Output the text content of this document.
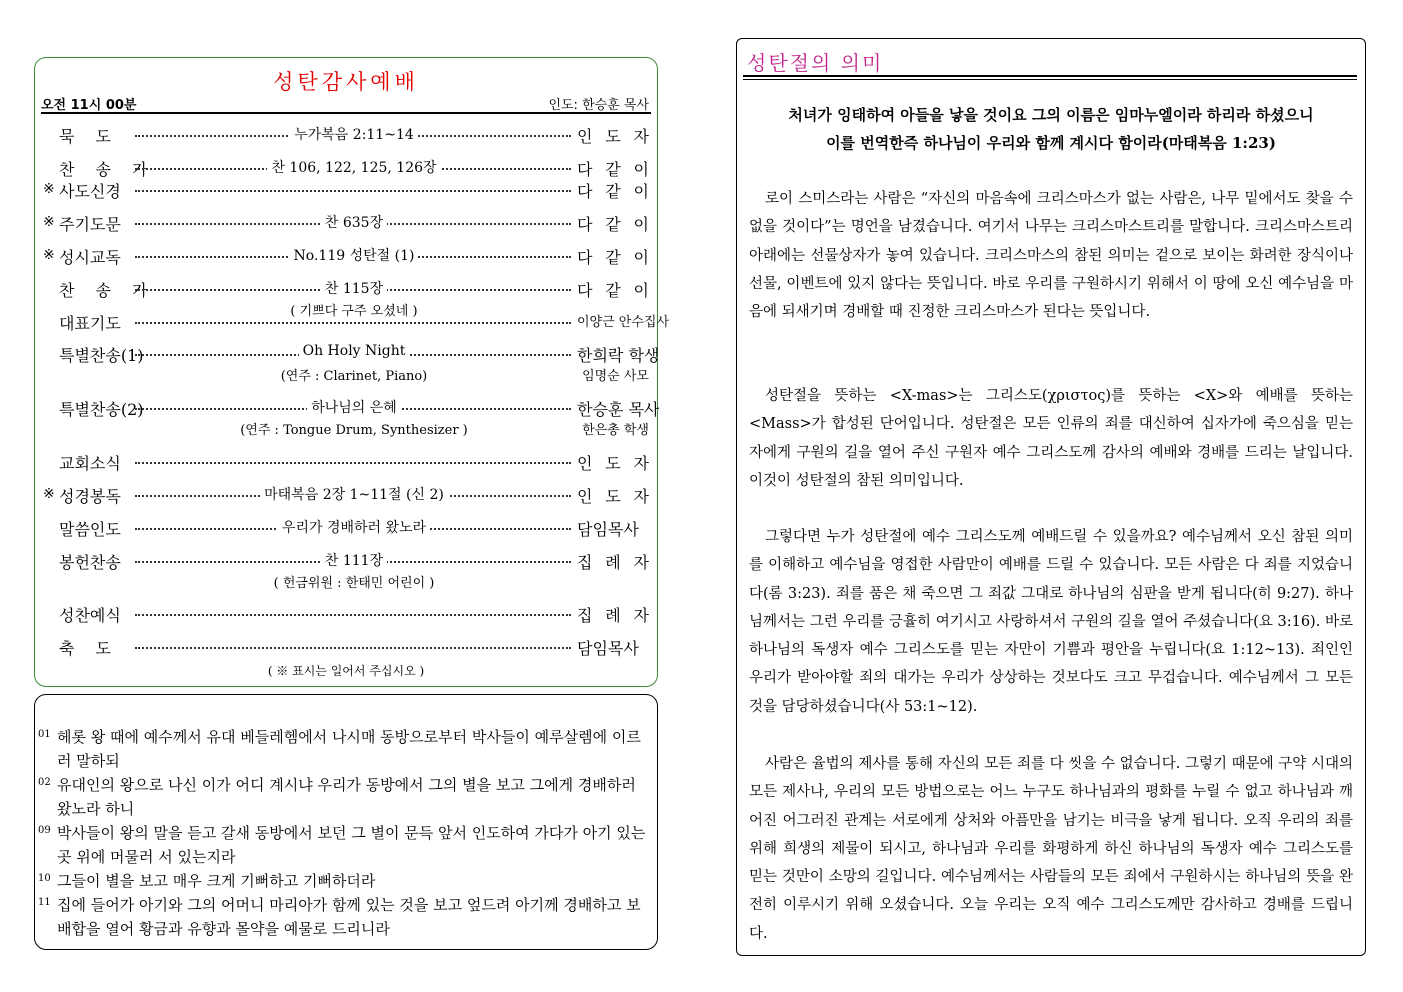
성탄감사예배
오전 11시 00분	인도: 한승훈 목사
묵 도	누가복음 2:11~14	인 도 자
찬 송 가	찬 106, 122, 125, 126장	다 같 이
※ 사도신경	다 같 이
※ 주기도문	찬 635장	다 같 이
※ 성시교독	No.119 성탄절 (1)	다 같 이
찬 송 가	찬 115장	다 같 이
( 기쁘다 구주 오셨네 )
대표기도	이양근 안수집사
특별찬송(1)	Oh Holy Night	한희락 학생
(연주 : Clarinet, Piano)	임명순 사모
특별찬송(2)	하나님의 은혜	한승훈 목사
(연주 : Tongue Drum, Synthesizer )	한은총 학생
교회소식	인 도 자
※ 성경봉독	마태복음 2장 1~11절 (신 2)	인 도 자
말씀인도	우리가 경배하러 왔노라	담임목사
봉헌찬송	찬 111장	집 례 자
( 헌금위원 : 한태민 어린이 )
성찬예식	집 례 자
축 도	담임목사
( ※ 표시는 일어서 주십시오 )
01 헤롯 왕 때에 예수께서 유대 베들레헴에서 나시매 동방으로부터 박사들이 예루살렘에 이르러 말하되
02 유대인의 왕으로 나신 이가 어디 계시냐 우리가 동방에서 그의 별을 보고 그에게 경배하러 왔노라 하니
09 박사들이 왕의 말을 듣고 갈새 동방에서 보던 그 별이 문득 앞서 인도하여 가다가 아기 있는 곳 위에 머물러 서 있는지라
10 그들이 별을 보고 매우 크게 기뻐하고 기뻐하더라
11 집에 들어가 아기와 그의 어머니 마리아가 함께 있는 것을 보고 엎드려 아기께 경배하고 보배합을 열어 황금과 유향과 몰약을 예물로 드리니라
성탄절의 의미
처녀가 잉태하여 아들을 낳을 것이요 그의 이름은 임마누엘이라 하리라 하셨으니
이를 번역한즉 하나님이 우리와 함께 계시다 함이라(마태복음 1:23)
로이 스미스라는 사람은 “자신의 마음속에 크리스마스가 없는 사람은, 나무 밑에서도 찾을 수 없을 것이다”는 명언을 남겼습니다. 여기서 나무는 크리스마스트리를 말합니다. 크리스마스트리 아래에는 선물상자가 놓여 있습니다. 크리스마스의 참된 의미는 겉으로 보이는 화려한 장식이나 선물, 이벤트에 있지 않다는 뜻입니다. 바로 우리를 구원하시기 위해서 이 땅에 오신 예수님을 마음에 되새기며 경배할 때 진정한 크리스마스가 된다는 뜻입니다.
성탄절을 뜻하는 <X-mas>는 그리스도(χριστος)를 뜻하는 <X>와 예배를 뜻하는 <Mass>가 합성된 단어입니다. 성탄절은 모든 인류의 죄를 대신하여 십자가에 죽으심을 믿는 자에게 구원의 길을 열어 주신 구원자 예수 그리스도께 감사의 예배와 경배를 드리는 날입니다. 이것이 성탄절의 참된 의미입니다.
그렇다면 누가 성탄절에 예수 그리스도께 예배드릴 수 있을까요? 예수님께서 오신 참된 의미를 이해하고 예수님을 영접한 사람만이 예배를 드릴 수 있습니다. 모든 사람은 다 죄를 지었습니다(롬 3:23). 죄를 품은 채 죽으면 그 죄값 그대로 하나님의 심판을 받게 됩니다(히 9:27). 하나님께서는 그런 우리를 긍휼히 여기시고 사랑하셔서 구원의 길을 열어 주셨습니다(요 3:16). 바로 하나님의 독생자 예수 그리스도를 믿는 자만이 기쁨과 평안을 누립니다(요 1:12~13). 죄인인 우리가 받아야할 죄의 대가는 우리가 상상하는 것보다도 크고 무겁습니다. 예수님께서 그 모든 것을 담당하셨습니다(사 53:1~12).
사람은 율법의 제사를 통해 자신의 모든 죄를 다 씻을 수 없습니다. 그렇기 때문에 구약 시대의 모든 제사나, 우리의 모든 방법으로는 어느 누구도 하나님과의 평화를 누릴 수 없고 하나님과 깨어진 어그러진 관계는 서로에게 상처와 아픔만을 남기는 비극을 낳게 됩니다. 오직 우리의 죄를 위해 희생의 제물이 되시고, 하나님과 우리를 화평하게 하신 하나님의 독생자 예수 그리스도를 믿는 것만이 소망의 길입니다. 예수님께서는 사람들의 모든 죄에서 구원하시는 하나님의 뜻을 완전히 이루시기 위해 오셨습니다. 오늘 우리는 오직 예수 그리스도께만 감사하고 경배를 드립니다.
